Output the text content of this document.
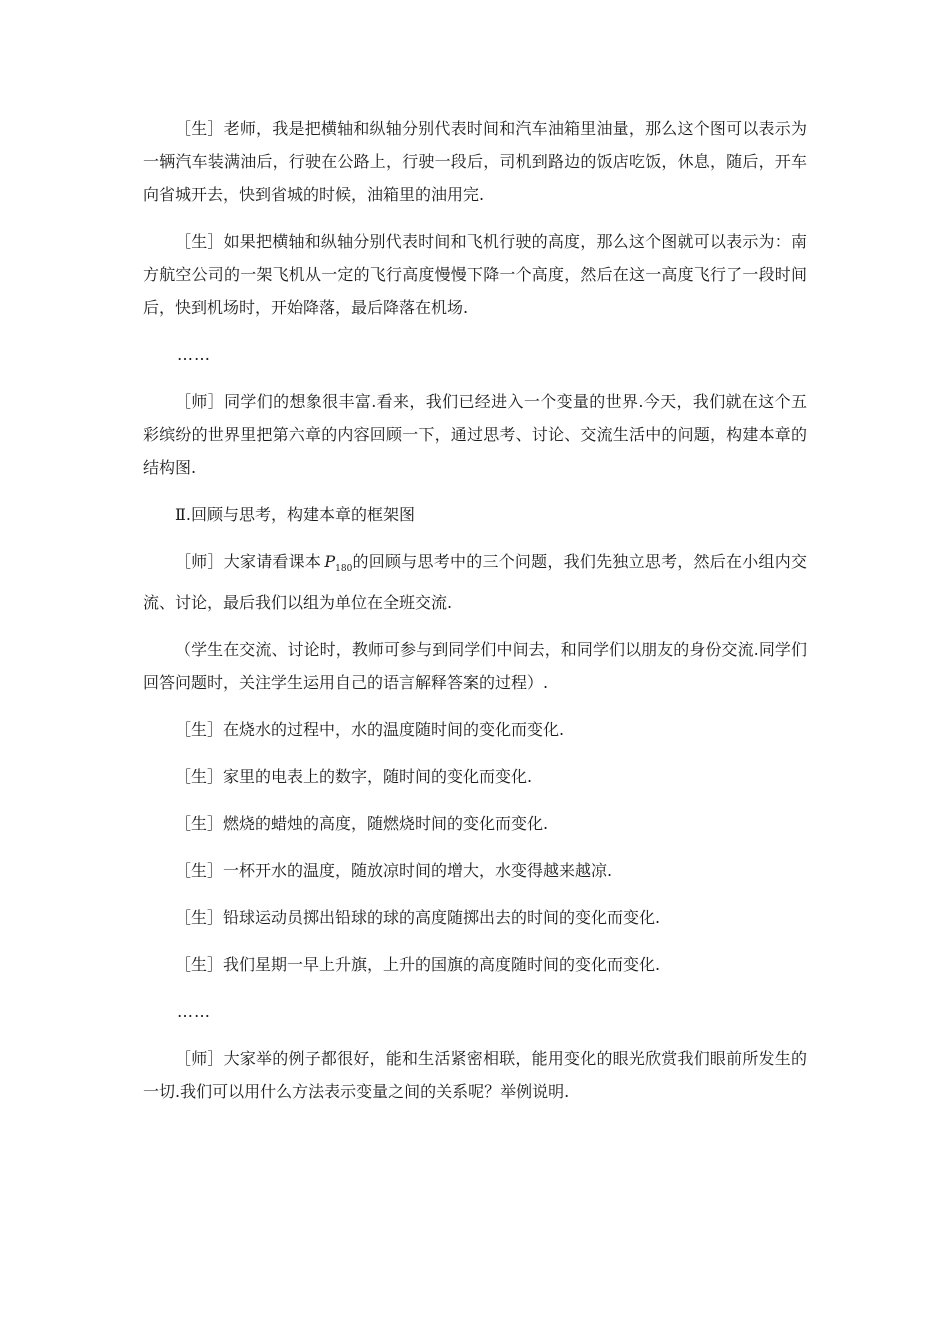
［生］老师，我是把横轴和纵轴分别代表时间和汽车油箱里油量，那么这个图可以表示为一辆汽车装满油后，行驶在公路上，行驶一段后，司机到路边的饭店吃饭，休息，随后，开车向省城开去，快到省城的时候，油箱里的油用完.

［生］如果把横轴和纵轴分别代表时间和飞机行驶的高度，那么这个图就可以表示为：南方航空公司的一架飞机从一定的飞行高度慢慢下降一个高度，然后在这一高度飞行了一段时间后，快到机场时，开始降落，最后降落在机场.

……

［师］同学们的想象很丰富.看来，我们已经进入一个变量的世界.今天，我们就在这个五彩缤纷的世界里把第六章的内容回顾一下，通过思考、讨论、交流生活中的问题，构建本章的结构图.

Ⅱ.回顾与思考，构建本章的框架图

［师］大家请看课本  $P_{180}$的回顾与思考中的三个问题，我们先独立思考，然后在小组内交流、讨论，最后我们以组为单位在全班交流.

（学生在交流、讨论时，教师可参与到同学们中间去，和同学们以朋友的身份交流.同学们回答问题时，关注学生运用自己的语言解释答案的过程）.

［生］在烧水的过程中，水的温度随时间的变化而变化.

［生］家里的电表上的数字，随时间的变化而变化.

［生］燃烧的蜡烛的高度，随燃烧时间的变化而变化.

［生］一杯开水的温度，随放凉时间的增大，水变得越来越凉.

［生］铅球运动员掷出铅球的球的高度随掷出去的时间的变化而变化.

［生］我们星期一早上升旗，上升的国旗的高度随时间的变化而变化.

……

［师］大家举的例子都很好，能和生活紧密相联，能用变化的眼光欣赏我们眼前所发生的一切.我们可以用什么方法表示变量之间的关系呢？举例说明.
